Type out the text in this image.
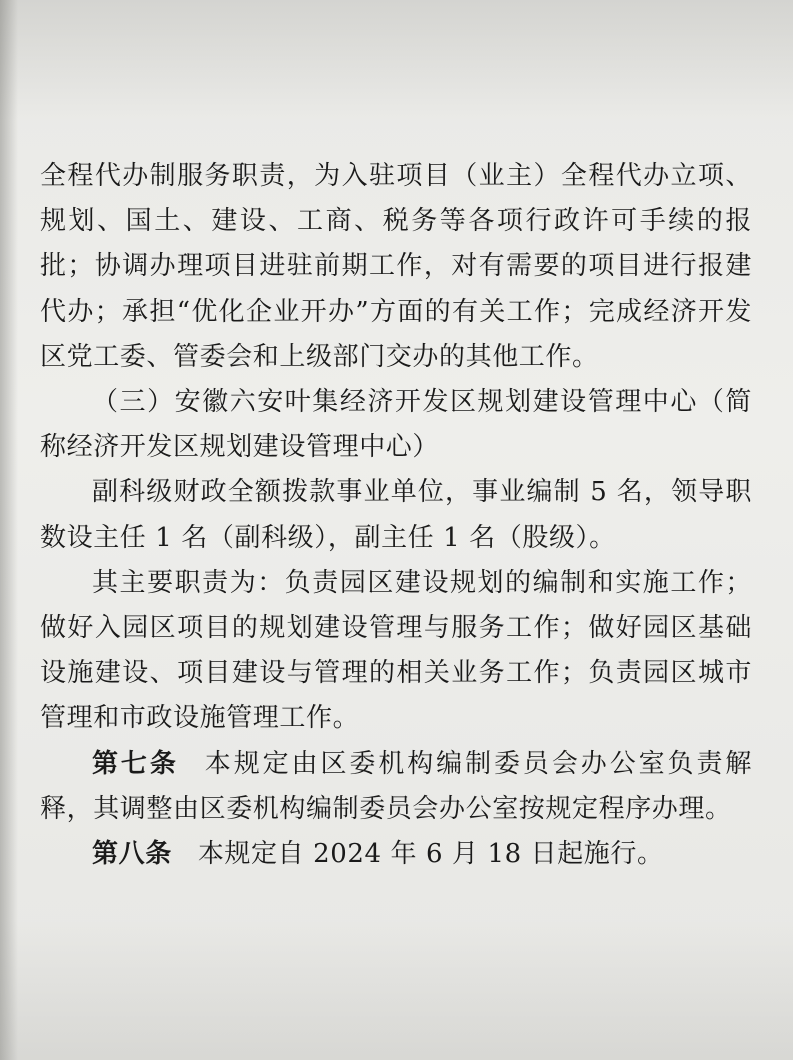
全程代办制服务职责，为入驻项目（业主）全程代办立项、规划、国土、建设、工商、税务等各项行政许可手续的报批；协调办理项目进驻前期工作，对有需要的项目进行报建代办；承担“优化企业开办”方面的有关工作；完成经济开发区党工委、管委会和上级部门交办的其他工作。

（三）安徽六安叶集经济开发区规划建设管理中心（简称经济开发区规划建设管理中心）

副科级财政全额拨款事业单位，事业编制 5 名，领导职数设主任 1 名（副科级），副主任 1 名（股级）。

其主要职责为：负责园区建设规划的编制和实施工作；做好入园区项目的规划建设管理与服务工作；做好园区基础设施建设、项目建设与管理的相关业务工作；负责园区城市管理和市政设施管理工作。

第七条 本规定由区委机构编制委员会办公室负责解释，其调整由区委机构编制委员会办公室按规定程序办理。

第八条 本规定自 2024 年 6 月 18 日起施行。
